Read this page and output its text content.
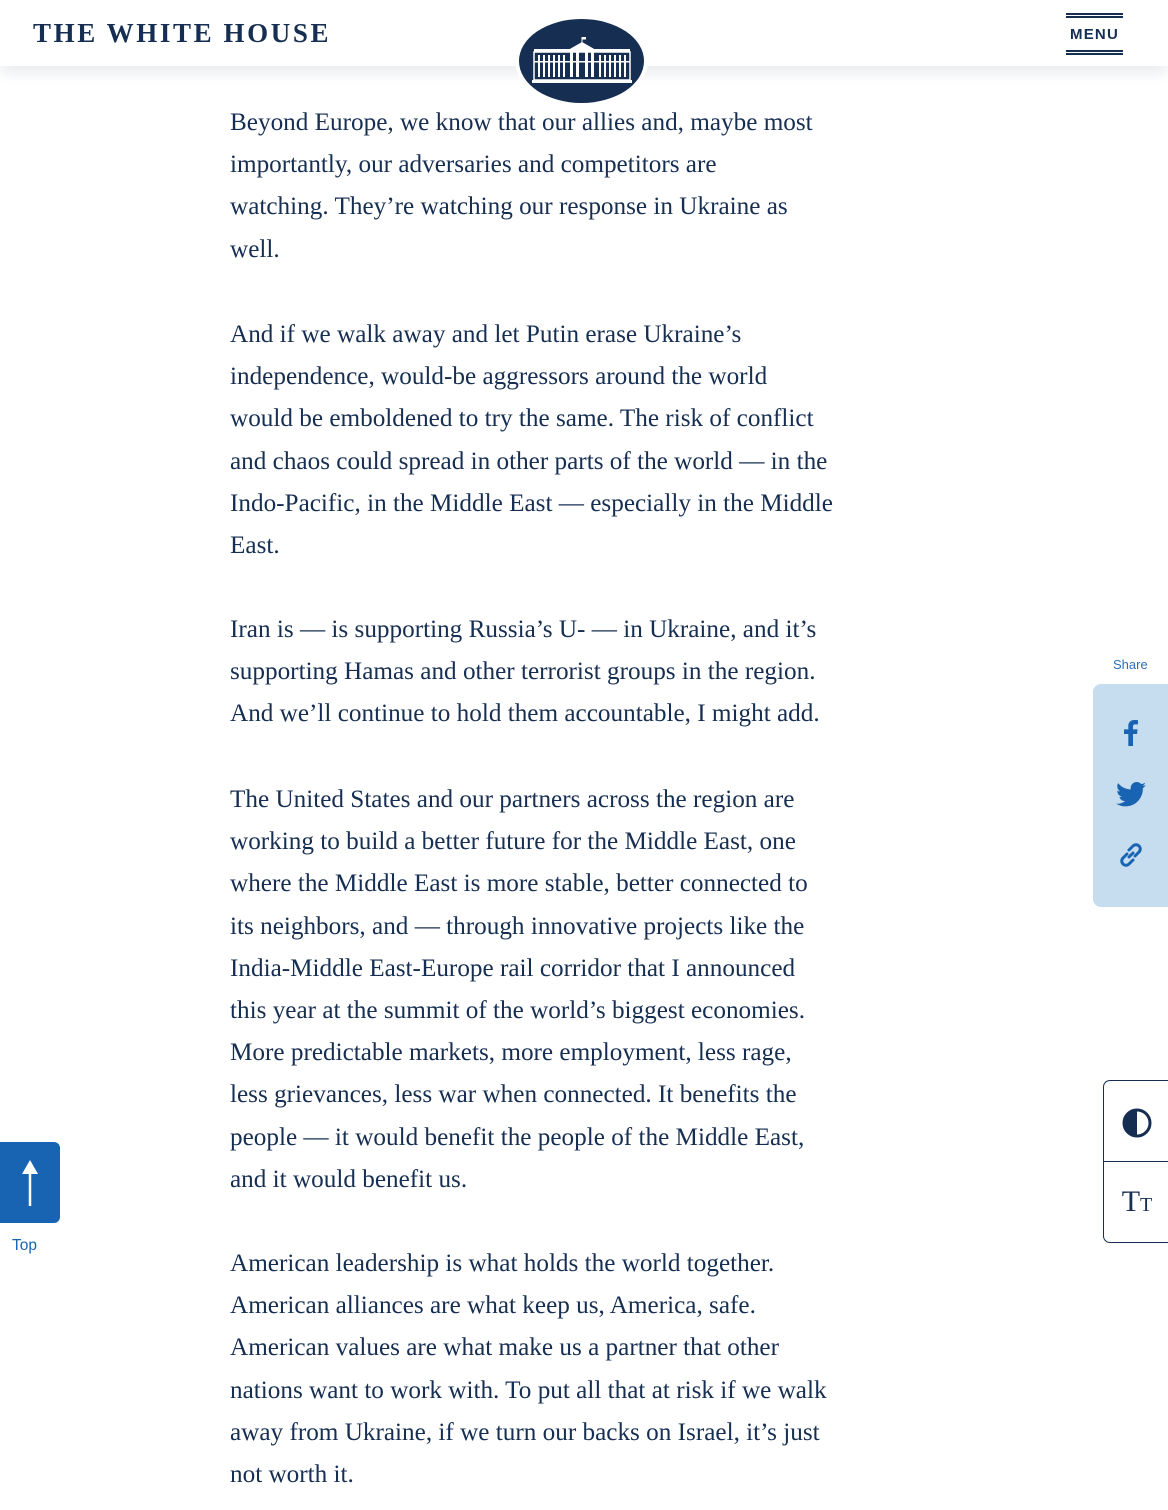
THE WHITE HOUSE	MENU
Beyond Europe, we know that our allies and, maybe most
importantly, our adversaries and competitors are
watching. They’re watching our response in Ukraine as
well.
And if we walk away and let Putin erase Ukraine’s
independence, would-be aggressors around the world
would be emboldened to try the same. The risk of conflict
and chaos could spread in other parts of the world — in the
Indo-Pacific, in the Middle East — especially in the Middle
East.
Iran is — is supporting Russia’s U- — in Ukraine, and it’s
supporting Hamas and other terrorist groups in the region.
And we’ll continue to hold them accountable, I might add.
The United States and our partners across the region are
working to build a better future for the Middle East, one
where the Middle East is more stable, better connected to
its neighbors, and — through innovative projects like the
India-Middle East-Europe rail corridor that I announced
this year at the summit of the world’s biggest economies.
More predictable markets, more employment, less rage,
less grievances, less war when connected. It benefits the
people — it would benefit the people of the Middle East,
and it would benefit us.
American leadership is what holds the world together.
American alliances are what keep us, America, safe.
American values are what make us a partner that other
nations want to work with. To put all that at risk if we walk
away from Ukraine, if we turn our backs on Israel, it’s just
not worth it.
Share
TT
Top
